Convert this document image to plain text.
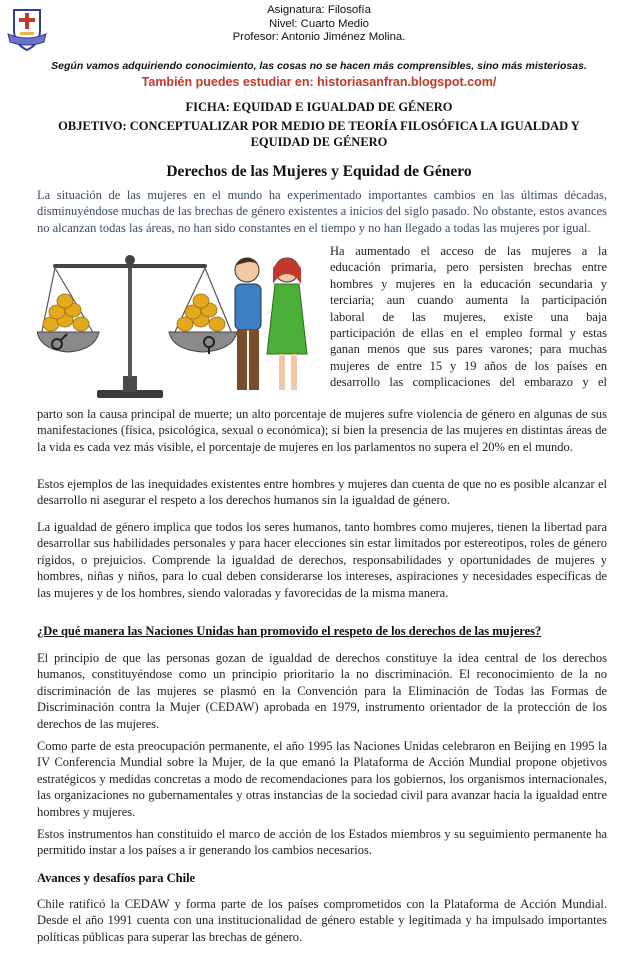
Asignatura: Filosofía
Nivel: Cuarto Medio
Profesor: Antonio Jiménez Molina.
Según vamos adquiriendo conocimiento, las cosas no se hacen más comprensibles, sino más misteriosas.
También puedes estudiar en: historiasanfran.blogspot.com/
FICHA: EQUIDAD E IGUALDAD DE GÉNERO
OBJETIVO: CONCEPTUALIZAR POR MEDIO DE TEORÍA FILOSÓFICA LA IGUALDAD Y EQUIDAD DE GÉNERO
Derechos de las Mujeres y Equidad de Género
La situación de las mujeres en el mundo ha experimentado importantes cambios en las últimas décadas, disminuyéndose muchas de las brechas de género existentes a inicios del siglo pasado. No obstante, estos avances no alcanzan todas las áreas, no han sido constantes en el tiempo y no han llegado a todas las mujeres por igual.
Ha aumentado el acceso de las mujeres a la
educación primaria, pero persisten brechas entre
hombres y mujeres en la educación secundaria y
terciaria; aun cuando aumenta la participación
laboral de las mujeres, existe una baja
participación de ellas en el empleo formal y estas
ganan menos que sus pares varones; para muchas
mujeres de entre 15 y 19 años de los países en
desarrollo las complicaciones del embarazo y el
parto son la causa principal de muerte; un alto porcentaje de mujeres sufre violencia de género en algunas de sus manifestaciones (física, psicológica, sexual o económica); si bien la presencia de las mujeres en distintas áreas de la vida es cada vez más visible, el porcentaje de mujeres en los parlamentos no supera el 20% en el mundo.
Estos ejemplos de las inequidades existentes entre hombres y mujeres dan cuenta de que no es posible alcanzar el desarrollo ni asegurar el respeto a los derechos humanos sin la igualdad de género.
La igualdad de género implica que todos los seres humanos, tanto hombres como mujeres, tienen la libertad para desarrollar sus habilidades personales y para hacer elecciones sin estar limitados por estereotipos, roles de género rígidos, o prejuicios. Comprende la igualdad de derechos, responsabilidades y oportunidades de mujeres y hombres, niñas y niños, para lo cual deben considerarse los intereses, aspiraciones y necesidades específicas de las mujeres y de los hombres, siendo valoradas y favorecidas de la misma manera.
¿De qué manera las Naciones Unidas han promovido el respeto de los derechos de las mujeres?
El principio de que las personas gozan de igualdad de derechos constituye la idea central de los derechos humanos, constituyéndose como un principio prioritario la no discriminación. El reconocimiento de la no discriminación de las mujeres se plasmó en la Convención para la Eliminación de Todas las Formas de Discriminación contra la Mujer (CEDAW) aprobada en 1979, instrumento orientador de la protección de los derechos de las mujeres.
Como parte de esta preocupación permanente, el año 1995 las Naciones Unidas celebraron en Beijing en 1995 la IV Conferencia Mundial sobre la Mujer, de la que emanó la Plataforma de Acción Mundial propone objetivos estratégicos y medidas concretas a modo de recomendaciones para los gobiernos, los organismos internacionales, las organizaciones no gubernamentales y otras instancias de la sociedad civil para avanzar hacia la igualdad entre hombres y mujeres.
Estos instrumentos han constituido el marco de acción de los Estados miembros y su seguimiento permanente ha permitido instar a los países a ir generando los cambios necesarios.
Avances y desafíos para Chile
Chile ratificó la CEDAW y forma parte de los países comprometidos con la Plataforma de Acción Mundial. Desde el año 1991 cuenta con una institucionalidad de género estable y legitimada y ha impulsado importantes políticas públicas para superar las brechas de género.
